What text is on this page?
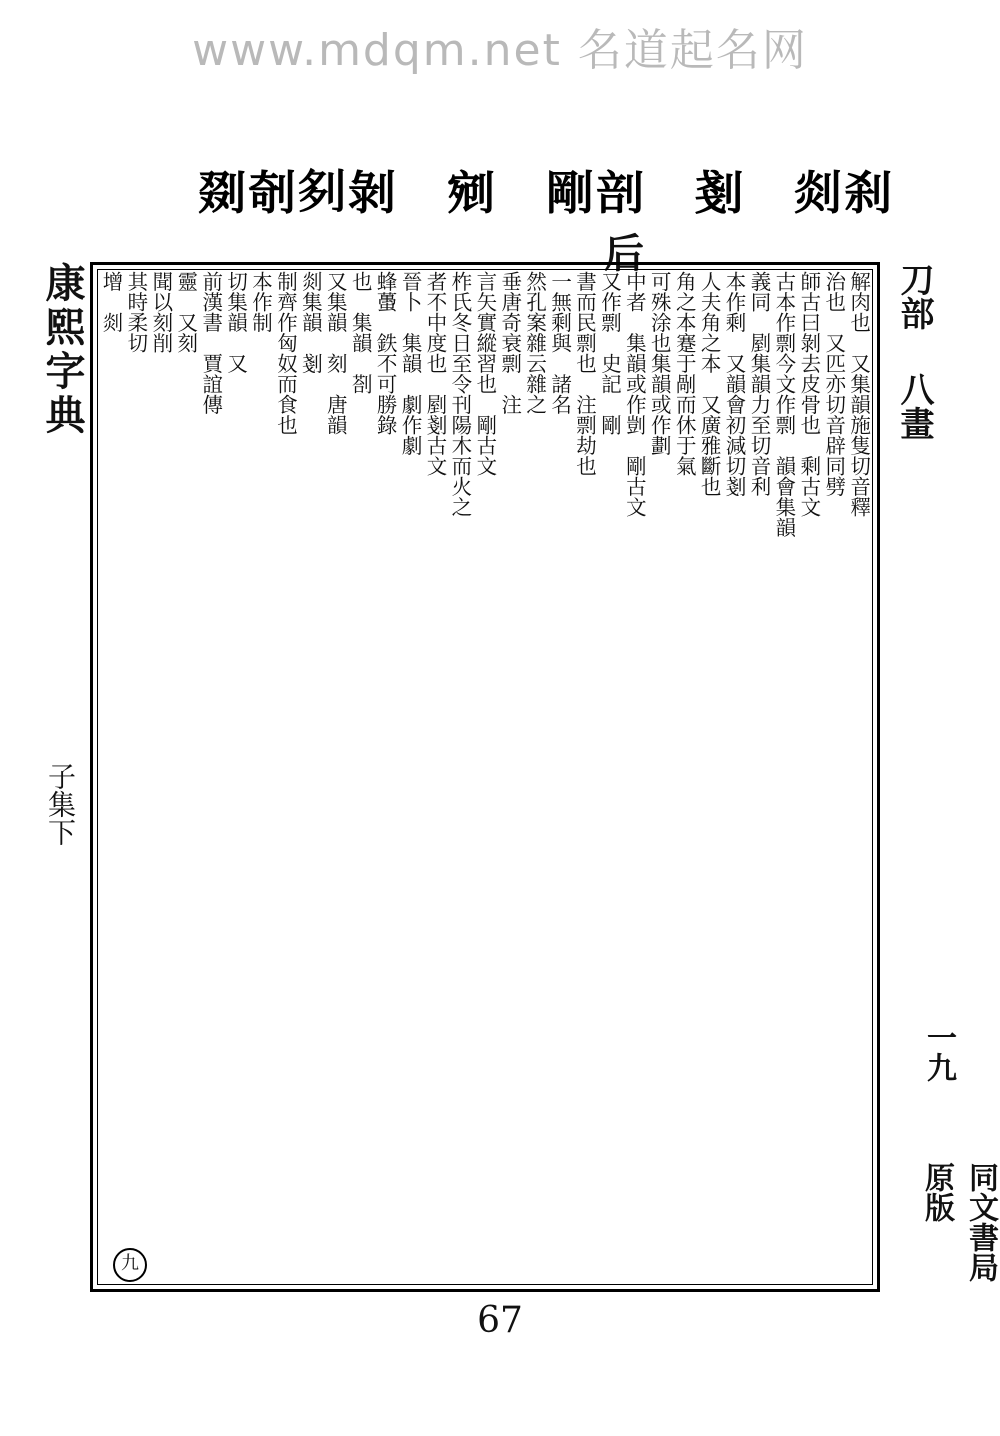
www.mdqm.net 名道起名网
剟 剞 𠛫 剝 剜 剛 剖 剗 剡 刹
后
康熙字典
子集下
解肉也　又集韻施隻切音釋
治也　又匹亦切音辟同劈
師古曰剝去皮骨也　剩古文
古本作剽今文作剽　韻會集韻
義同　剭集韻力至切音利
本作剩　又韻會初減切剗
人夫角之本　又廣雅斷也
角之本蹇于剮而休于氣
可殊涂也集韻或作劃
中者　集韻或作剴　剛古文
又作剽　史記　剛
書而民剽也　注剽劫也
一無剩與　諸名
然孔案雜云雜之
垂唐奇衰剽　注
言矢實縱習也　剛古文
柞氏冬日至令刊陽木而火之
者不中度也　剭剗古文
晉卜　集韻　劇作劇
蜂蠆　鉄不可勝錄
也　集韻　剳
又集韻　刻　唐韻
剡集韻　剗
制齊作匈奴而食也
本作制
切集韻　又
前漢書　賈誼傳
靈　又刻
聞以刻削
其時柔切
增　剡	刀部
八畫
一九
同文書局原版
九
67
